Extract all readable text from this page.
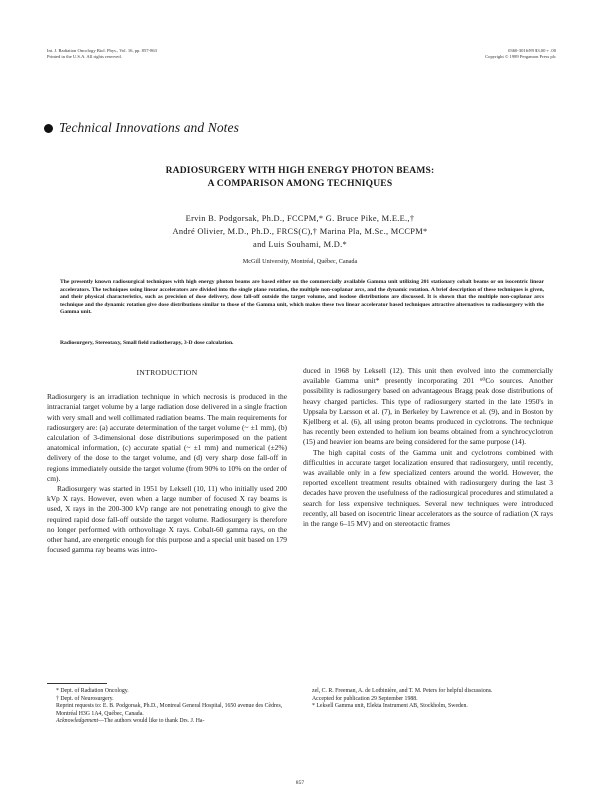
Int. J. Radiation Oncology Biol. Phys., Vol. 16, pp. 857-863
Printed in the U.S.A. All rights reserved.
0360-3016/89 $3.00 + .00
Copyright © 1989 Pergamon Press plc
Technical Innovations and Notes
RADIOSURGERY WITH HIGH ENERGY PHOTON BEAMS:
A COMPARISON AMONG TECHNIQUES
Ervin B. Podgorsak, Ph.D., FCCPM,* G. Bruce Pike, M.E.E.,†
André Olivier, M.D., Ph.D., FRCS(C),† Marina Pla, M.Sc., MCCPM*
and Luis Souhami, M.D.*
McGill University, Montréal, Québec, Canada
The presently known radiosurgical techniques with high energy photon beams are based either on the commercially available Gamma unit utilizing 201 stationary cobalt beams or on isocentric linear accelerators. The techniques using linear accelerators are divided into the single plane rotation, the multiple non-coplanar arcs, and the dynamic rotation. A brief description of these techniques is given, and their physical characteristics, such as precision of dose delivery, dose fall-off outside the target volume, and isodose distributions are discussed. It is shown that the multiple non-coplanar arcs technique and the dynamic rotation give dose distributions similar to those of the Gamma unit, which makes these two linear accelerator based techniques attractive alternatives to radiosurgery with the Gamma unit.
Radiosurgery, Stereotaxy, Small field radiotherapy, 3-D dose calculation.
INTRODUCTION

Radiosurgery is an irradiation technique in which necrosis is produced in the intracranial target volume by a large radiation dose delivered in a single fraction with very small and well collimated radiation beams. The main requirements for radiosurgery are: (a) accurate determination of the target volume (~ ±1 mm), (b) calculation of 3-dimensional dose distributions superimposed on the patient anatomical information, (c) accurate spatial (~ ±1 mm) and numerical (±2%) delivery of the dose to the target volume, and (d) very sharp dose fall-off in regions immediately outside the target volume (from 90% to 10% on the order of cm).

Radiosurgery was started in 1951 by Leksell (10, 11) who initially used 200 kVp X rays. However, even when a large number of focused X ray beams is used, X rays in the 200-300 kVp range are not penetrating enough to give the required rapid dose fall-off outside the target volume. Radiosurgery is therefore no longer performed with orthovoltage X rays. Cobalt-60 gamma rays, on the other hand, are energetic enough for this purpose and a special unit based on 179 focused gamma ray beams was intro-

duced in 1968 by Leksell (12). This unit then evolved into the commercially available Gamma unit* presently incorporating 201 ⁶⁰Co sources. Another possibility is radiosurgery based on advantageous Bragg peak dose distributions of heavy charged particles. This type of radiosurgery started in the late 1950's in Uppsala by Larsson et al. (7), in Berkeley by Lawrence et al. (9), and in Boston by Kjellberg et al. (6), all using proton beams produced in cyclotrons. The technique has recently been extended to helium ion beams obtained from a synchrocyclotron (15) and heavier ion beams are being considered for the same purpose (14).

The high capital costs of the Gamma unit and cyclotrons combined with difficulties in accurate target localization ensured that radiosurgery, until recently, was available only in a few specialized centers around the world. However, the reported excellent treatment results obtained with radiosurgery during the last 3 decades have proven the usefulness of the radiosurgical procedures and stimulated a search for less expensive techniques. Several new techniques were introduced recently, all based on isocentric linear accelerators as the source of radiation (X rays in the range 6–15 MV) and on stereotactic frames

* Dept. of Radiation Oncology.

† Dept. of Neurosurgery.

Reprint requests to: E. B. Podgorsak, Ph.D., Montreal General Hospital, 1650 avenue des Cèdres, Montréal H3G 1A4, Québec, Canada.

Acknowledgement—The authors would like to thank Drs. J. Ha-

zel, C. R. Freeman, A. de Lotbinière, and T. M. Peters for helpful discussions.

Accepted for publication 29 September 1988.

* Leksell Gamma unit, Elekta Instrument AB, Stockholm, Sweden.

857
